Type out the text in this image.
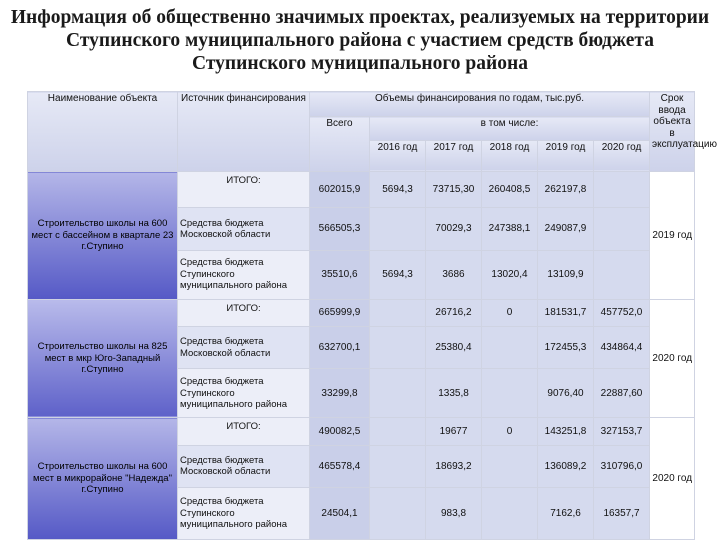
Информация об общественно значимых проектах, реализуемых на территории Ступинского муниципального района с участием средств бюджета Ступинского муниципального района
Наименование объекта	Источник финансирования	Объемы финансирования по годам, тыс.руб.						Срок ввода объекта в эксплуатацию
		Всего	в том числе:					
			2016 год	2017 год	2018 год	2019 год	2020 год	
Строительство школы на 600 мест с бассейном в квартале 23 г.Ступино	ИТОГО:	602015,9	5694,3	73715,30	260408,5	262197,8		2019 год
	Средства бюджета Московской области	566505,3		70029,3	247388,1	249087,9		
	Средства бюджета Ступинского муниципального района	35510,6	5694,3	3686	13020,4	13109,9		
Строительство школы на 825 мест в мкр Юго-Западный г.Ступино	ИТОГО:	665999,9		26716,2	0	181531,7	457752,0	2020 год
	Средства бюджета Московской области	632700,1		25380,4		172455,3	434864,4	
	Средства бюджета Ступинского муниципального района	33299,8		1335,8		9076,40	22887,60	
Строительство школы на 600 мест в микрорайоне "Надежда" г.Ступино	ИТОГО:	490082,5		19677	0	143251,8	327153,7	2020 год
	Средства бюджета Московской области	465578,4		18693,2		136089,2	310796,0	
	Средства бюджета Ступинского муниципального района	24504,1		983,8		7162,6	16357,7	
